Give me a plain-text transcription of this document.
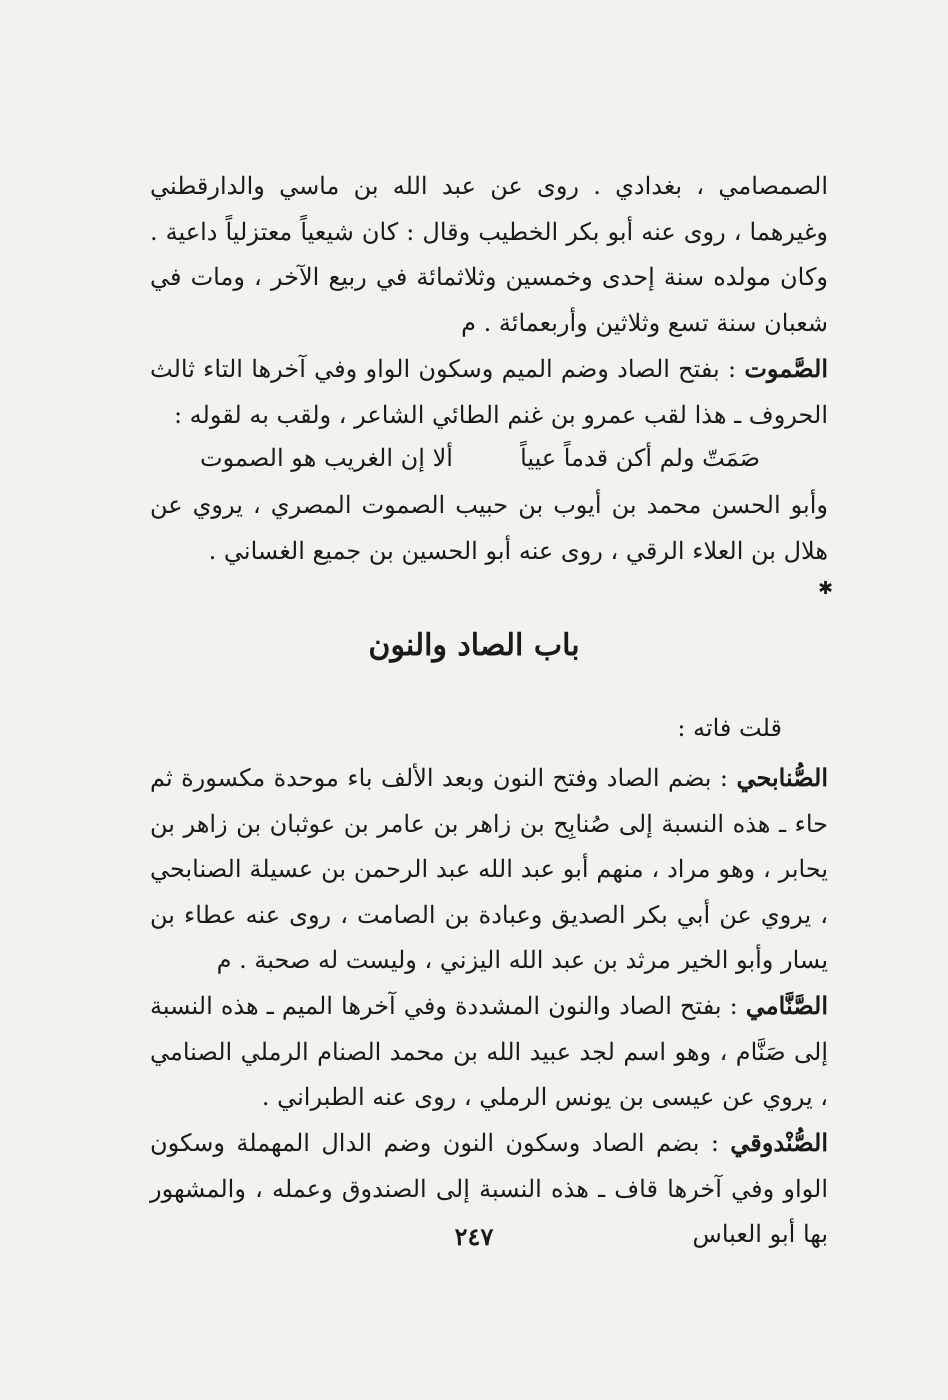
الصمصامي ، بغدادي . روى عن عبد الله بن ماسي والدارقطني وغيرهما ، روى عنه أبو بكر الخطيب وقال : كان شيعياً معتزلياً داعية . وكان مولده سنة إحدى وخمسين وثلاثمائة في ربيع الآخر ، ومات في شعبان سنة تسع وثلاثين وأربعمائة . م

الصَّموت : بفتح الصاد وضم الميم وسكون الواو وفي آخرها التاء ثالث الحروف ـ هذا لقب عمرو بن غنم الطائي الشاعر ، ولقب به لقوله :

صَمَتّ ولم أكن قدماً عيياً
ألا إن الغريب هو الصموت

وأبو الحسن محمد بن أيوب بن حبيب الصموت المصري ، يروي عن هلال بن العلاء الرقي ، روى عنه أبو الحسين بن جميع الغساني .

✱
باب الصاد والنون
قلت فاته :

الصُّنابحي : بضم الصاد وفتح النون وبعد الألف باء موحدة مكسورة ثم حاء ـ هذه النسبة إلى صُنابِح بن زاهر بن عامر بن عوثبان بن زاهر بن يحابر ، وهو مراد ، منهم أبو عبد الله عبد الرحمن بن عسيلة الصنابحي ، يروي عن أبي بكر الصديق وعبادة بن الصامت ، روى عنه عطاء بن يسار وأبو الخير مرثد بن عبد الله اليزني ، وليست له صحبة . م

الصَّنَّامي : بفتح الصاد والنون المشددة وفي آخرها الميم ـ هذه النسبة إلى صَنَّام ، وهو اسم لجد عبيد الله بن محمد الصنام الرملي الصنامي ، يروي عن عيسى بن يونس الرملي ، روى عنه الطبراني .

الصُّنْدوقي : بضم الصاد وسكون النون وضم الدال المهملة وسكون الواو وفي آخرها قاف ـ هذه النسبة إلى الصندوق وعمله ، والمشهور بها أبو العباس

٢٤٧
